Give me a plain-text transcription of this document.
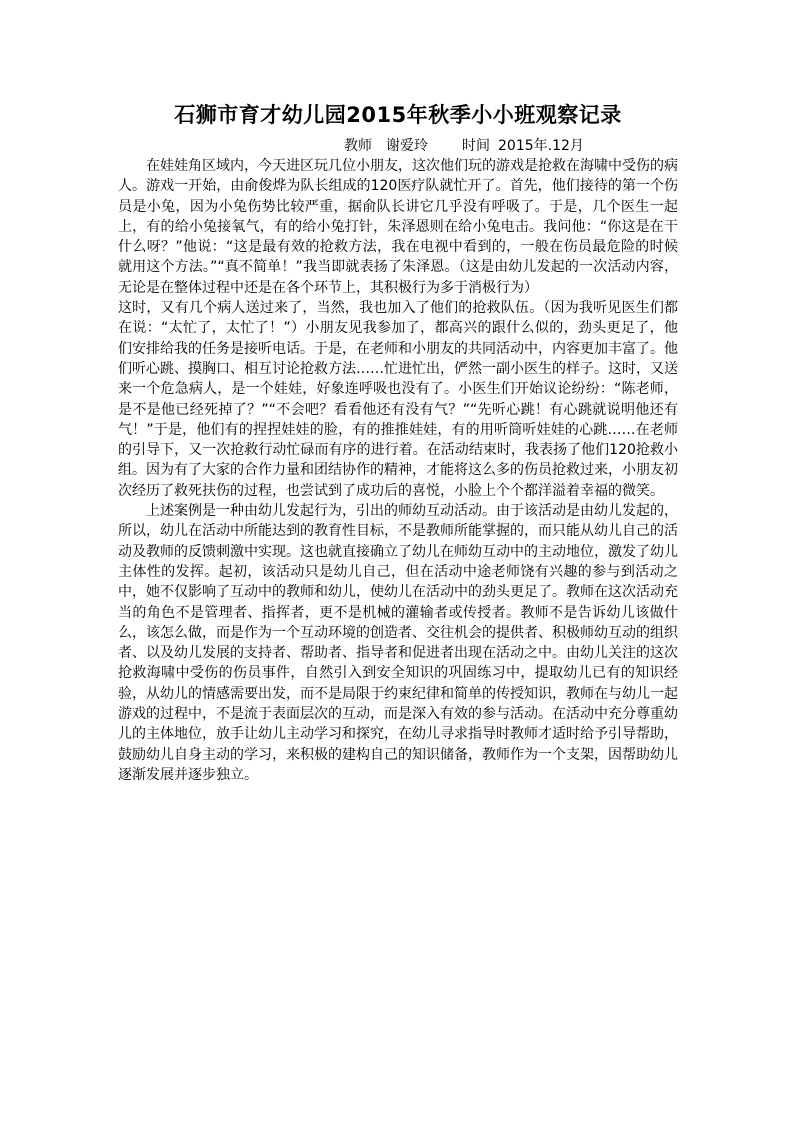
石狮市育才幼儿园2015年秋季小小班观察记录
教师 谢爱玲 时间 2015年.12月

在娃娃角区域内，今天进区玩几位小朋友，这次他们玩的游戏是抢救在海啸中受伤的病人。游戏一开始，由俞俊烨为队长组成的120医疗队就忙开了。首先，他们接待的第一个伤员是小兔，因为小兔伤势比较严重，据俞队长讲它几乎没有呼吸了。于是，几个医生一起上，有的给小兔接氧气，有的给小兔打针，朱泽恩则在给小兔电击。我问他：“你这是在干什么呀？”他说：“这是最有效的抢救方法，我在电视中看到的，一般在伤员最危险的时候就用这个方法。”“真不简单！”我当即就表扬了朱泽恩。（这是由幼儿发起的一次活动内容，无论是在整体过程中还是在各个环节上，其积极行为多于消极行为）

这时，又有几个病人送过来了，当然，我也加入了他们的抢救队伍。（因为我听见医生们都在说：“太忙了，太忙了！”）小朋友见我参加了，都高兴的跟什么似的，劲头更足了，他们安排给我的任务是接听电话。于是，在老师和小朋友的共同活动中，内容更加丰富了。他们听心跳、摸胸口、相互讨论抢救方法……忙进忙出，俨然一副小医生的样子。这时，又送来一个危急病人，是一个娃娃，好象连呼吸也没有了。小医生们开始议论纷纷：“陈老师，是不是他已经死掉了？”“不会吧？看看他还有没有气？”“先听心跳！有心跳就说明他还有气！”于是，他们有的捏捏娃娃的脸，有的推推娃娃，有的用听筒听娃娃的心跳……在老师的引导下，又一次抢救行动忙碌而有序的进行着。在活动结束时，我表扬了他们120抢救小组。因为有了大家的合作力量和团结协作的精神，才能将这么多的伤员抢救过来，小朋友初次经历了救死扶伤的过程，也尝试到了成功后的喜悦，小脸上个个都洋溢着幸福的微笑。

上述案例是一种由幼儿发起行为，引出的师幼互动活动。由于该活动是由幼儿发起的，所以，幼儿在活动中所能达到的教育性目标，不是教师所能掌握的，而只能从幼儿自己的活动及教师的反馈刺激中实现。这也就直接确立了幼儿在师幼互动中的主动地位，激发了幼儿主体性的发挥。起初，该活动只是幼儿自己，但在活动中途老师饶有兴趣的参与到活动之中，她不仅影响了互动中的教师和幼儿，使幼儿在活动中的劲头更足了。教师在这次活动充当的角色不是管理者、指挥者，更不是机械的灌输者或传授者。教师不是告诉幼儿该做什么，该怎么做，而是作为一个互动环境的创造者、交往机会的提供者、积极师幼互动的组织者、以及幼儿发展的支持者、帮助者、指导者和促进者出现在活动之中。由幼儿关注的这次抢救海啸中受伤的伤员事件，自然引入到安全知识的巩固练习中，提取幼儿已有的知识经验，从幼儿的情感需要出发，而不是局限于约束纪律和简单的传授知识，教师在与幼儿一起游戏的过程中，不是流于表面层次的互动，而是深入有效的参与活动。在活动中充分尊重幼儿的主体地位，放手让幼儿主动学习和探究，在幼儿寻求指导时教师才适时给予引导帮助，鼓励幼儿自身主动的学习，来积极的建构自己的知识储备，教师作为一个支架，因帮助幼儿逐渐发展并逐步独立。
